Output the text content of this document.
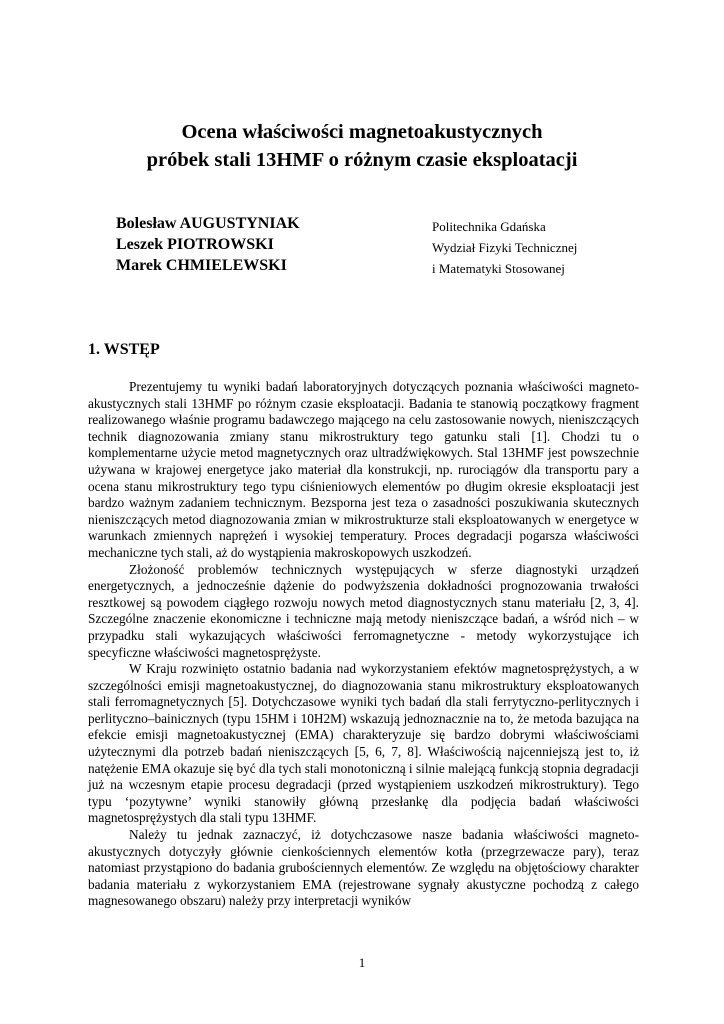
Ocena właściwości magnetoakustycznych
próbek stali 13HMF o różnym czasie eksploatacji
Bolesław AUGUSTYNIAK
Leszek PIOTROWSKI
Marek CHMIELEWSKI
Politechnika Gdańska
Wydział Fizyki Technicznej
i Matematyki Stosowanej
1. WSTĘP

Prezentujemy tu wyniki badań laboratoryjnych dotyczących poznania właściwości magneto-akustycznych stali 13HMF po różnym czasie eksploatacji. Badania te stanowią początkowy fragment realizowanego właśnie programu badawczego mającego na celu zastosowanie nowych, nieniszczących technik diagnozowania zmiany stanu mikrostruktury tego gatunku stali [1]. Chodzi tu o komplementarne użycie metod magnetycznych oraz ultradźwiękowych. Stal 13HMF jest powszechnie używana w krajowej energetyce jako materiał dla konstrukcji, np. rurociągów dla transportu pary a ocena stanu mikrostruktury tego typu ciśnieniowych elementów po długim okresie eksploatacji jest bardzo ważnym zadaniem technicznym. Bezsporna jest teza o zasadności poszukiwania skutecznych nieniszczących metod diagnozowania zmian w mikrostrukturze stali eksploatowanych w energetyce w warunkach zmiennych naprężeń i wysokiej temperatury. Proces degradacji pogarsza właściwości mechaniczne tych stali, aż do wystąpienia makroskopowych uszkodzeń.

Złożoność problemów technicznych występujących w sferze diagnostyki urządzeń energetycznych, a jednocześnie dążenie do podwyższenia dokładności prognozowania trwałości resztkowej są powodem ciągłego rozwoju nowych metod diagnostycznych stanu materiału [2, 3, 4]. Szczególne znaczenie ekonomiczne i techniczne mają metody nieniszczące badań, a wśród nich – w przypadku stali wykazujących właściwości ferromagnetyczne - metody wykorzystujące ich specyficzne właściwości magnetosprężyste.

W Kraju rozwinięto ostatnio badania nad wykorzystaniem efektów magnetosprężystych, a w szczególności emisji magnetoakustycznej, do diagnozowania stanu mikrostruktury eksploatowanych stali ferromagnetycznych [5]. Dotychczasowe wyniki tych badań dla stali ferrytyczno-perlitycznych i perlityczno–bainicznych (typu 15HM i 10H2M) wskazują jednoznacznie na to, że metoda bazująca na efekcie emisji magnetoakustycznej (EMA) charakteryzuje się bardzo dobrymi właściwościami użytecznymi dla potrzeb badań nieniszczących [5, 6, 7, 8]. Właściwością najcenniejszą jest to, iż natężenie EMA okazuje się być dla tych stali monotoniczną i silnie malejącą funkcją stopnia degradacji już na wczesnym etapie procesu degradacji (przed wystąpieniem uszkodzeń mikrostruktury). Tego typu ‘pozytywne’ wyniki stanowiły główną przesłankę dla podjęcia badań właściwości magnetosprężystych dla stali typu 13HMF.

Należy tu jednak zaznaczyć, iż dotychczasowe nasze badania właściwości magneto-akustycznych dotyczyły głównie cienkościennych elementów kotła (przegrzewacze pary), teraz natomiast przystąpiono do badania grubościennych elementów. Ze względu na objętościowy charakter badania materiału z wykorzystaniem EMA (rejestrowane sygnały akustyczne pochodzą z całego magnesowanego obszaru) należy przy interpretacji wyników

1
